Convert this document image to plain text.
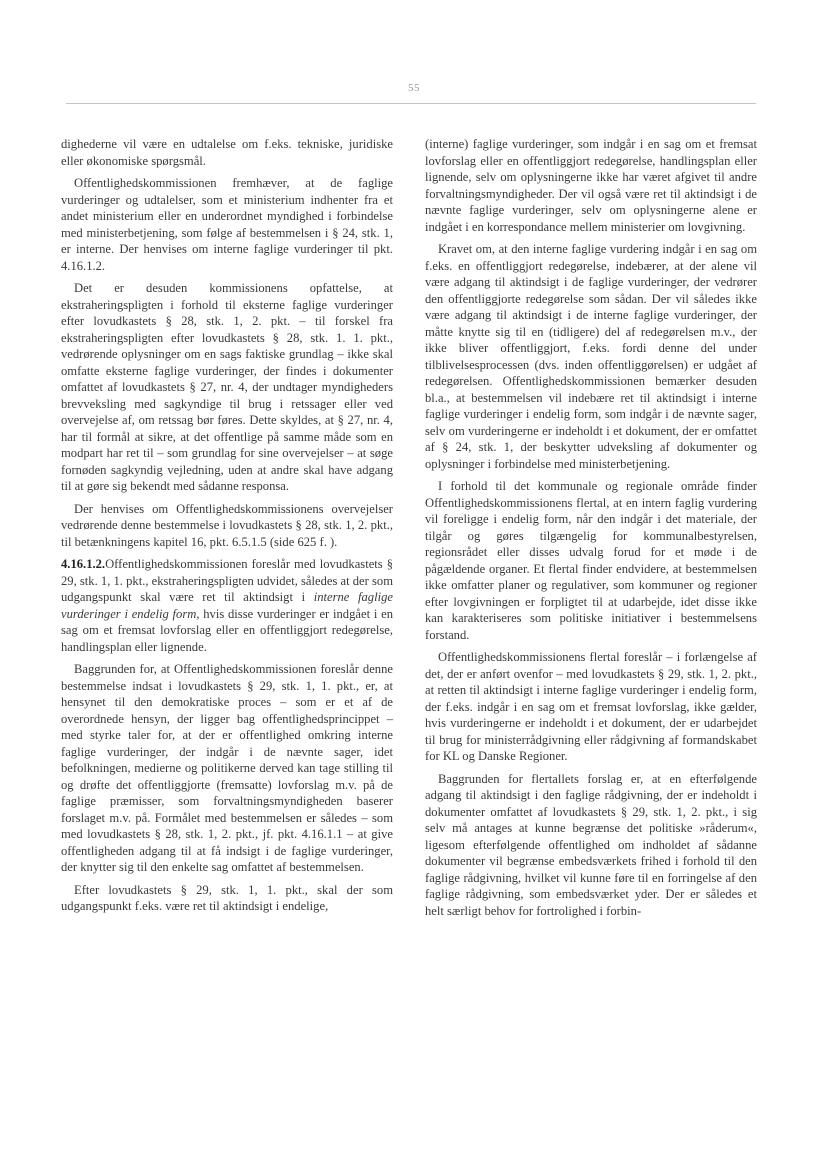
55

dighederne vil være en udtalelse om f.eks. tekniske, juridiske eller økonomiske spørgsmål.

Offentlighedskommissionen fremhæver, at de faglige vurderinger og udtalelser, som et ministerium indhenter fra et andet ministerium eller en underordnet myndighed i forbindelse med ministerbetjening, som følge af bestemmelsen i § 24, stk. 1, er interne. Der henvises om interne faglige vurderinger til pkt. 4.16.1.2.

Det er desuden kommissionens opfattelse, at ekstraheringspligten i forhold til eksterne faglige vurderinger efter lovudkastets § 28, stk. 1, 2. pkt. – til forskel fra ekstraheringspligten efter lovudkastets § 28, stk. 1. 1. pkt., vedrørende oplysninger om en sags faktiske grundlag – ikke skal omfatte eksterne faglige vurderinger, der findes i dokumenter omfattet af lovudkastets § 27, nr. 4, der undtager myndigheders brevveksling med sagkyndige til brug i retssager eller ved overvejelse af, om retssag bør føres. Dette skyldes, at § 27, nr. 4, har til formål at sikre, at det offentlige på samme måde som en modpart har ret til – som grundlag for sine overvejelser – at søge fornøden sagkyndig vejledning, uden at andre skal have adgang til at gøre sig bekendt med sådanne responsa.

Der henvises om Offentlighedskommissionens overvejelser vedrørende denne bestemmelse i lovudkastets § 28, stk. 1, 2. pkt., til betænkningens kapitel 16, pkt. 6.5.1.5 (side 625 f. ).

4.16.1.2.Offentlighedskommissionen foreslår med lovudkastets § 29, stk. 1, 1. pkt., ekstraheringspligten udvidet, således at der som udgangspunkt skal være ret til aktindsigt i interne faglige vurderinger i endelig form, hvis disse vurderinger er indgået i en sag om et fremsat lovforslag eller en offentliggjort redegørelse, handlingsplan eller lignende.

Baggrunden for, at Offentlighedskommissionen foreslår denne bestemmelse indsat i lovudkastets § 29, stk. 1, 1. pkt., er, at hensynet til den demokratiske proces – som er et af de overordnede hensyn, der ligger bag offentlighedsprincippet – med styrke taler for, at der er offentlighed omkring interne faglige vurderinger, der indgår i de nævnte sager, idet befolkningen, medierne og politikerne derved kan tage stilling til og drøfte det offentliggjorte (fremsatte) lovforslag m.v. på de faglige præmisser, som forvaltningsmyndigheden baserer forslaget m.v. på. Formålet med bestemmelsen er således – som med lovudkastets § 28, stk. 1, 2. pkt., jf. pkt. 4.16.1.1 – at give offentligheden adgang til at få indsigt i de faglige vurderinger, der knytter sig til den enkelte sag omfattet af bestemmelsen.

Efter lovudkastets § 29, stk. 1, 1. pkt., skal der som udgangspunkt f.eks. være ret til aktindsigt i endelige,

(interne) faglige vurderinger, som indgår i en sag om et fremsat lovforslag eller en offentliggjort redegørelse, handlingsplan eller lignende, selv om oplysningerne ikke har været afgivet til andre forvaltningsmyndigheder. Der vil også være ret til aktindsigt i de nævnte faglige vurderinger, selv om oplysningerne alene er indgået i en korrespondance mellem ministerier om lovgivning.

Kravet om, at den interne faglige vurdering indgår i en sag om f.eks. en offentliggjort redegørelse, indebærer, at der alene vil være adgang til aktindsigt i de faglige vurderinger, der vedrører den offentliggjorte redegørelse som sådan. Der vil således ikke være adgang til aktindsigt i de interne faglige vurderinger, der måtte knytte sig til en (tidligere) del af redegørelsen m.v., der ikke bliver offentliggjort, f.eks. fordi denne del under tilblivelsesprocessen (dvs. inden offentliggørelsen) er udgået af redegørelsen. Offentlighedskommissionen bemærker desuden bl.a., at bestemmelsen vil indebære ret til aktindsigt i interne faglige vurderinger i endelig form, som indgår i de nævnte sager, selv om vurderingerne er indeholdt i et dokument, der er omfattet af § 24, stk. 1, der beskytter udveksling af dokumenter og oplysninger i forbindelse med ministerbetjening.

I forhold til det kommunale og regionale område finder Offentlighedskommissionens flertal, at en intern faglig vurdering vil foreligge i endelig form, når den indgår i det materiale, der tilgår og gøres tilgængelig for kommunalbestyrelsen, regionsrådet eller disses udvalg forud for et møde i de pågældende organer. Et flertal finder endvidere, at bestemmelsen ikke omfatter planer og regulativer, som kommuner og regioner efter lovgivningen er forpligtet til at udarbejde, idet disse ikke kan karakteriseres som politiske initiativer i bestemmelsens forstand.

Offentlighedskommissionens flertal foreslår – i forlængelse af det, der er anført ovenfor – med lovudkastets § 29, stk. 1, 2. pkt., at retten til aktindsigt i interne faglige vurderinger i endelig form, der f.eks. indgår i en sag om et fremsat lovforslag, ikke gælder, hvis vurderingerne er indeholdt i et dokument, der er udarbejdet til brug for ministerrådgivning eller rådgivning af formandskabet for KL og Danske Regioner.

Baggrunden for flertallets forslag er, at en efterfølgende adgang til aktindsigt i den faglige rådgivning, der er indeholdt i dokumenter omfattet af lovudkastets § 29, stk. 1, 2. pkt., i sig selv må antages at kunne begrænse det politiske »råderum«, ligesom efterfølgende offentlighed om indholdet af sådanne dokumenter vil begrænse embedsværkets frihed i forhold til den faglige rådgivning, hvilket vil kunne føre til en forringelse af den faglige rådgivning, som embedsværket yder. Der er således et helt særligt behov for fortrolighed i forbin-
